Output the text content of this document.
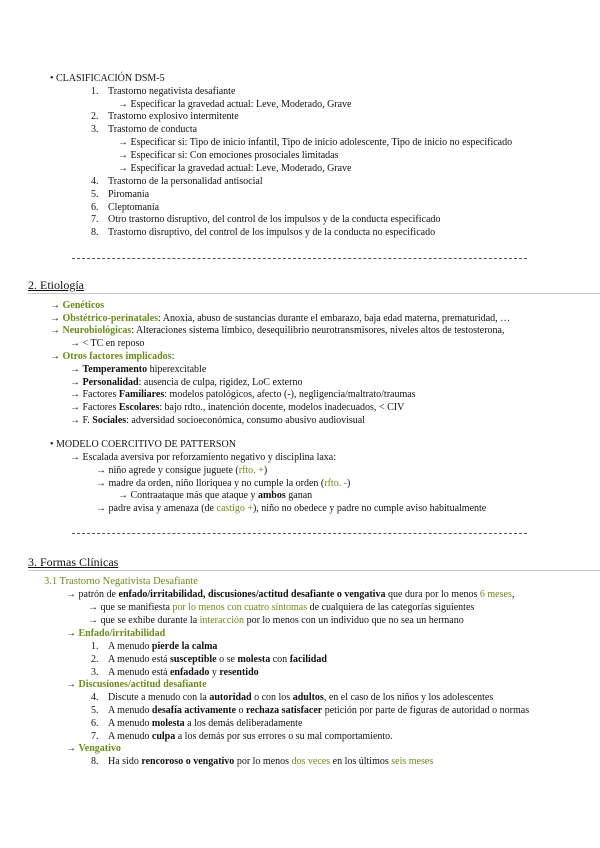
• CLASIFICACIÓN DSM-5
1. Trastorno negativista desafiante
→ Especificar la gravedad actual: Leve, Moderado, Grave
2. Trastorno explosivo intermitente
3. Trastorno de conducta
→ Especificar si: Tipo de inicio infantil, Tipo de inicio adolescente, Tipo de inicio no especificado
→ Especificar si: Con emociones prosociales limitadas
→ Especificar la gravedad actual: Leve, Moderado, Grave
4. Trastorno de la personalidad antisocial
5. Piromanía
6. Cleptomanía
7. Otro trastorno disruptivo, del control de los impulsos y de la conducta especificado
8. Trastorno disruptivo, del control de los impulsos y de la conducta no especificado
2. Etiología
→ Genéticos
→ Obstétrico-perinatales: Anoxia, abuso de sustancias durante el embarazo, baja edad materna, prematuridad, …
→ Neurobiológicas: Alteraciones sistema límbico, desequilibrio neurotransmisores, niveles altos de testosterona,
→ < TC en reposo
→ Otros factores implicados:
→ Temperamento hiperexcitable
→ Personalidad: ausencia de culpa, rigidez, LoC externo
→ Factores Familiares: modelos patológicos, afecto (-), negligencia/maltrato/traumas
→ Factores Escolares: bajo rdto., inatención docente, modelos inadecuados, < CIV
→ F. Sociales: adversidad socioeconómica, consumo abusivo audiovisual
• MODELO COERCITIVO DE PATTERSON
→ Escalada aversiva por reforzamiento negativo y disciplina laxa:
→ niño agrede y consigue juguete (rfto. +)
→ madre da orden, niño lloriquea y no cumple la orden (rfto. -)
→ Contraataque más que ataque y ambos ganan
→ padre avisa y amenaza (de castigo +), niño no obedece y padre no cumple aviso habitualmente
3. Formas Clínicas
3.1 Trastorno Negativista Desafiante
→ patrón de enfado/irritabilidad, discusiones/actitud desafiante o vengativa que dura por lo menos 6 meses,
→ que se manifiesta por lo menos con cuatro síntomas de cualquiera de las categorías siguientes
→ que se exhibe durante la interacción por lo menos con un individuo que no sea un hermano
→ Enfado/irritabilidad
1. A menudo pierde la calma
2. A menudo está susceptible o se molesta con facilidad
3. A menudo está enfadado y resentido
→ Discusiones/actitud desafiante
4. Discute a menudo con la autoridad o con los adultos, en el caso de los niños y los adolescentes
5. A menudo desafía activamente o rechaza satisfacer petición por parte de figuras de autoridad o normas
6. A menudo molesta a los demás deliberadamente
7. A menudo culpa a los demás por sus errores o su mal comportamiento.
→ Vengativo
8. Ha sido rencoroso o vengativo por lo menos dos veces en los últimos seis meses
